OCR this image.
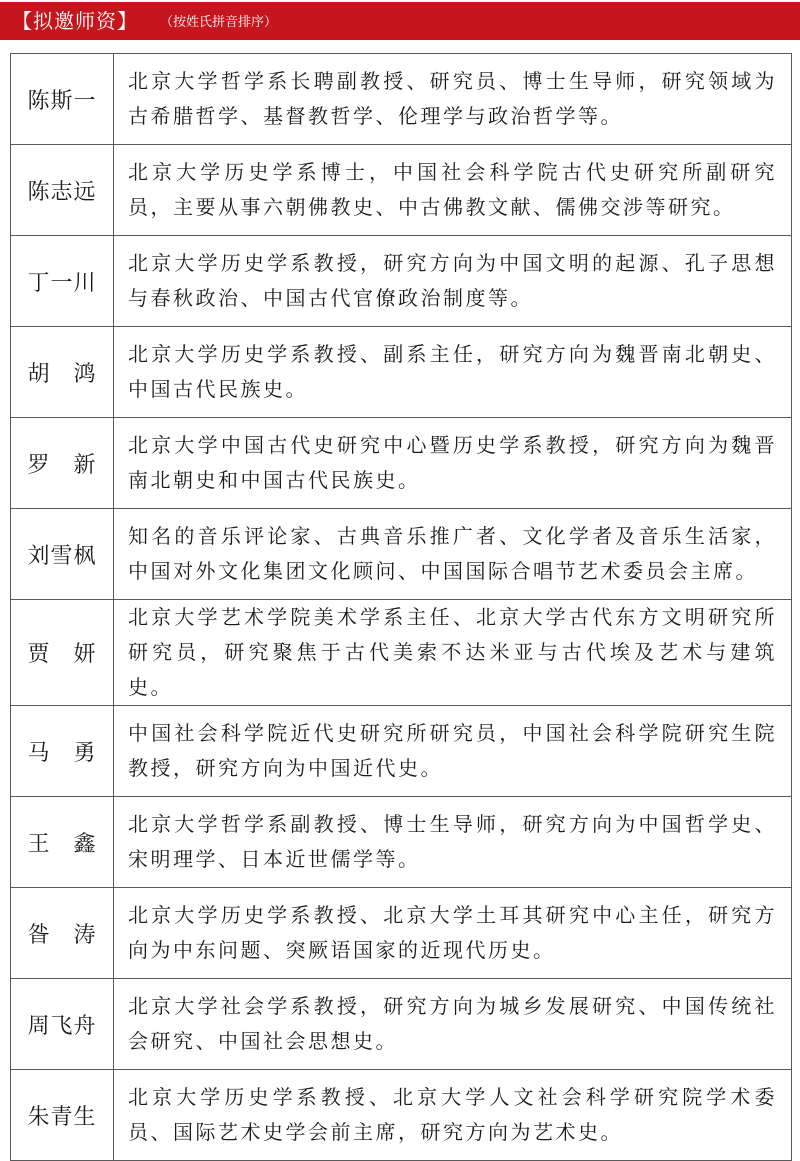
【拟邀师资】 （按姓氏拼音排序）
陈斯一	北京大学哲学系长聘副教授、研究员、博士生导师，研究领域为古希腊哲学、基督教哲学、伦理学与政治哲学等。
陈志远	北京大学历史学系博士，中国社会科学院古代史研究所副研究员，主要从事六朝佛教史、中古佛教文献、儒佛交涉等研究。
丁一川	北京大学历史学系教授，研究方向为中国文明的起源、孔子思想与春秋政治、中国古代官僚政治制度等。
胡　鸿	北京大学历史学系教授、副系主任，研究方向为魏晋南北朝史、中国古代民族史。
罗　新	北京大学中国古代史研究中心暨历史学系教授，研究方向为魏晋南北朝史和中国古代民族史。
刘雪枫	知名的音乐评论家、古典音乐推广者、文化学者及音乐生活家，中国对外文化集团文化顾问、中国国际合唱节艺术委员会主席。
贾　妍	北京大学艺术学院美术学系主任、北京大学古代东方文明研究所研究员，研究聚焦于古代美索不达米亚与古代埃及艺术与建筑史。
马　勇	中国社会科学院近代史研究所研究员，中国社会科学院研究生院教授，研究方向为中国近代史。
王　鑫	北京大学哲学系副教授、博士生导师，研究方向为中国哲学史、宋明理学、日本近世儒学等。
昝　涛	北京大学历史学系教授、北京大学土耳其研究中心主任，研究方向为中东问题、突厥语国家的近现代历史。
周飞舟	北京大学社会学系教授，研究方向为城乡发展研究、中国传统社会研究、中国社会思想史。
朱青生	北京大学历史学系教授、北京大学人文社会科学研究院学术委员、国际艺术史学会前主席，研究方向为艺术史。
